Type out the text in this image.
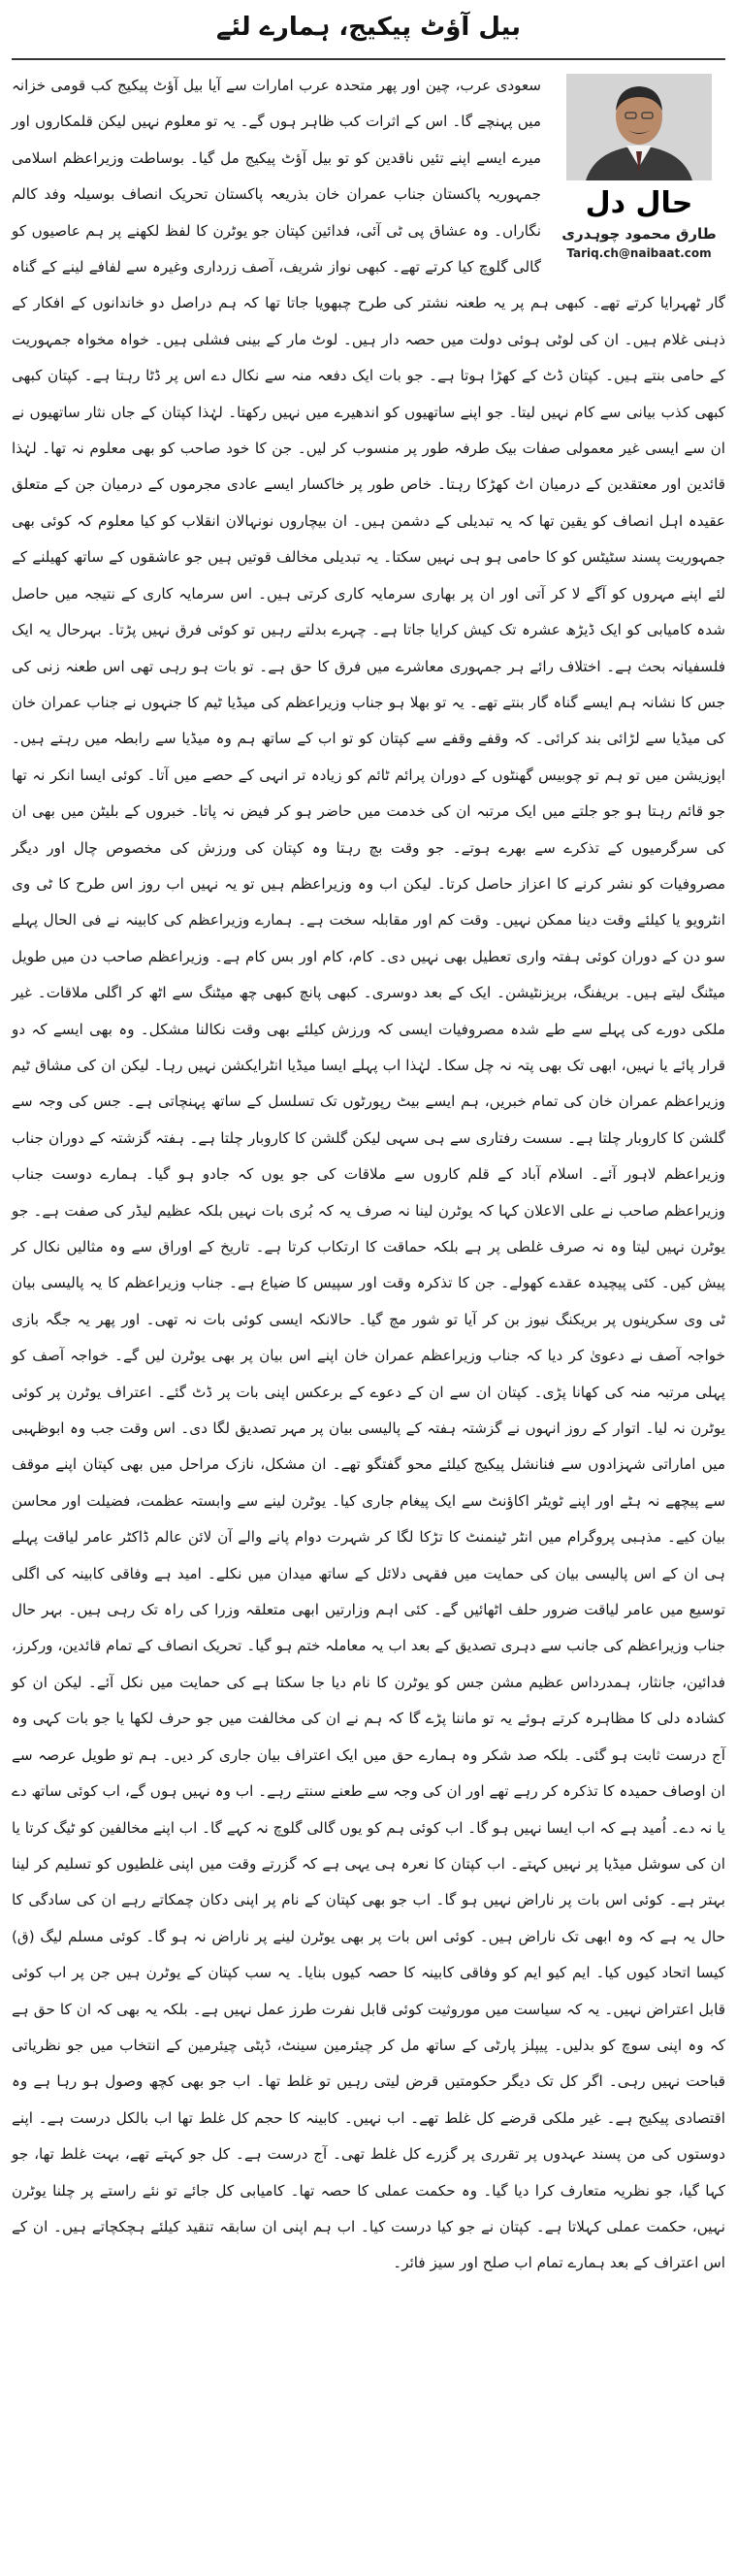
بیل آؤٹ پیکیج، ہمارے لئے
حال دل
طارق محمود چوہدری
Tariq.ch@naibaat.com

سعودی عرب، چین اور پھر متحدہ عرب امارات سے آیا بیل آؤٹ پیکیج کب قومی خزانہ میں پہنچے گا۔ اس کے اثرات کب ظاہر ہوں گے۔ یہ تو معلوم نہیں لیکن قلمکاروں اور میرے ایسے اپنے تئیں ناقدین کو تو بیل آؤٹ پیکیج مل گیا۔ بوساطت وزیراعظم اسلامی جمہوریہ پاکستان جناب عمران خان بذریعہ پاکستان تحریک انصاف بوسیلہ وفد کالم نگاراں۔ وہ عشاق پی ٹی آئی، فدائین کپتان جو یوٹرن کا لفظ لکھنے پر ہم عاصیوں کو گالی گلوچ کیا کرتے تھے۔ کبھی نواز شریف، آصف زرداری وغیرہ سے لفافے لینے کے گناہ گار ٹھہرایا کرتے تھے۔ کبھی ہم پر یہ طعنہ نشتر کی طرح چبھویا جاتا تھا کہ ہم دراصل دو خاندانوں کے افکار کے ذہنی غلام ہیں۔ ان کی لوٹی ہوئی دولت میں حصہ دار ہیں۔ لوٹ مار کے بینی فشلی ہیں۔ خواہ مخواہ جمہوریت کے حامی بنتے ہیں۔ کپتان ڈٹ کے کھڑا ہوتا ہے۔ جو بات ایک دفعہ منہ سے نکال دے اس پر ڈٹا رہتا ہے۔ کپتان کبھی کبھی کذب بیانی سے کام نہیں لیتا۔ جو اپنے ساتھیوں کو اندھیرے میں نہیں رکھتا۔ لہٰذا کپتان کے جاں نثار ساتھیوں نے ان سے ایسی غیر معمولی صفات بیک طرفہ طور پر منسوب کر لیں۔ جن کا خود صاحب کو بھی معلوم نہ تھا۔ لہٰذا قائدین اور معتقدین کے درمیان اٹ کھڑکا رہتا۔ خاص طور پر خاکسار ایسے عادی مجرموں کے درمیان جن کے متعلق عقیدہ اہل انصاف کو یقین تھا کہ یہ تبدیلی کے دشمن ہیں۔ ان بیچاروں نونہالان انقلاب کو کیا معلوم کہ کوئی بھی جمہوریت پسند سٹیٹس کو کا حامی ہو ہی نہیں سکتا۔ یہ تبدیلی مخالف قوتیں ہیں جو عاشقوں کے ساتھ کھیلنے کے لئے اپنے مہروں کو آگے لا کر آتی اور ان پر بھاری سرمایہ کاری کرتی ہیں۔ اس سرمایہ کاری کے نتیجہ میں حاصل شدہ کامیابی کو ایک ڈیڑھ عشرہ تک کیش کرایا جاتا ہے۔ چہرے بدلتے رہیں تو کوئی فرق نہیں پڑتا۔ بہرحال یہ ایک فلسفیانہ بحث ہے۔ اختلاف رائے ہر جمہوری معاشرے میں فرق کا حق ہے۔ تو بات ہو رہی تھی اس طعنہ زنی کی جس کا نشانہ ہم ایسے گناہ گار بنتے تھے۔ یہ تو بھلا ہو جناب وزیراعظم کی میڈیا ٹیم کا جنہوں نے جناب عمران خان کی میڈیا سے لڑائی بند کرائی۔ کہ وقفے وقفے سے کپتان کو تو اب کے ساتھ ہم وہ میڈیا سے رابطہ میں رہتے ہیں۔ اپوزیشن میں تو ہم تو چوبیس گھنٹوں کے دوران پرائم ٹائم کو زیادہ تر انہی کے حصے میں آتا۔ کوئی ایسا انکر نہ تھا جو قائم رہتا ہو جو جلتے میں ایک مرتبہ ان کی خدمت میں حاضر ہو کر فیض نہ پاتا۔ خبروں کے بلیٹن میں بھی ان کی سرگرمیوں کے تذکرے سے بھرے ہوتے۔ جو وقت بچ رہتا وہ کپتان کی ورزش کی مخصوص چال اور دیگر مصروفیات کو نشر کرنے کا اعزاز حاصل کرتا۔ لیکن اب وہ وزیراعظم ہیں تو یہ نہیں اب روز اس طرح کا ٹی وی انٹرویو یا کیلئے وقت دینا ممکن نہیں۔ وقت کم اور مقابلہ سخت ہے۔ ہمارے وزیراعظم کی کابینہ نے فی الحال پہلے سو دن کے دوران کوئی ہفتہ واری تعطیل بھی نہیں دی۔ کام، کام اور بس کام ہے۔ وزیراعظم صاحب دن میں طویل میٹنگ لیتے ہیں۔ بریفنگ، بریزنٹیشن۔ ایک کے بعد دوسری۔ کبھی پانچ کبھی چھ میٹنگ سے اٹھ کر اگلی ملاقات۔ غیر ملکی دورے کی پہلے سے طے شدہ مصروفیات ایسی کہ ورزش کیلئے بھی وقت نکالنا مشکل۔ وہ بھی ایسے کہ دو قرار پائے یا نہیں، ابھی تک بھی پتہ نہ چل سکا۔ لہٰذا اب پہلے ایسا میڈیا انٹرایکشن نہیں رہا۔ لیکن ان کی مشاق ٹیم وزیراعظم عمران خان کی تمام خبریں، ہم ایسے بیٹ رپورٹوں تک تسلسل کے ساتھ پہنچاتی ہے۔ جس کی وجہ سے گلشن کا کاروبار چلتا ہے۔ سست رفتاری سے ہی سہی لیکن گلشن کا کاروبار چلتا ہے۔ ہفتہ گزشتہ کے دوران جناب وزیراعظم لاہور آئے۔ اسلام آباد کے قلم کاروں سے ملاقات کی جو یوں کہ جادو ہو گیا۔ ہمارے دوست جناب وزیراعظم صاحب نے علی الاعلان کہا کہ یوٹرن لینا نہ صرف یہ کہ بُری بات نہیں بلکہ عظیم لیڈر کی صفت ہے۔ جو یوٹرن نہیں لیتا وہ نہ صرف غلطی پر ہے بلکہ حماقت کا ارتکاب کرتا ہے۔ تاریخ کے اوراق سے وہ مثالیں نکال کر پیش کیں۔ کئی پیچیدہ عقدے کھولے۔ جن کا تذکرہ وقت اور سپیس کا ضیاع ہے۔ جناب وزیراعظم کا یہ پالیسی بیان ٹی وی سکرینوں پر بریکنگ نیوز بن کر آیا تو شور مچ گیا۔ حالانکہ ایسی کوئی بات نہ تھی۔ اور پھر یہ جگہ بازی خواجہ آصف نے دعویٰ کر دیا کہ جناب وزیراعظم عمران خان اپنے اس بیان پر بھی یوٹرن لیں گے۔ خواجہ آصف کو پہلی مرتبہ منہ کی کھانا پڑی۔ کپتان ان سے ان کے دعوے کے برعکس اپنی بات پر ڈٹ گئے۔ اعتراف یوٹرن پر کوئی یوٹرن نہ لیا۔ اتوار کے روز انہوں نے گزشتہ ہفتہ کے پالیسی بیان پر مہر تصدیق لگا دی۔ اس وقت جب وہ ابوظہبی میں اماراتی شہزادوں سے فنانشل پیکیج کیلئے محو گفتگو تھے۔ ان مشکل، نازک مراحل میں بھی کپتان اپنے موقف سے پیچھے نہ ہٹے اور اپنے ٹویٹر اکاؤنٹ سے ایک پیغام جاری کیا۔ یوٹرن لینے سے وابستہ عظمت، فضیلت اور محاسن بیان کیے۔ مذہبی پروگرام میں انٹر ٹینمنٹ کا تڑکا لگا کر شہرت دوام پانے والے آن لائن عالم ڈاکٹر عامر لیاقت پہلے ہی ان کے اس پالیسی بیان کی حمایت میں فقہی دلائل کے ساتھ میدان میں نکلے۔ امید ہے وفاقی کابینہ کی اگلی توسیع میں عامر لیاقت ضرور حلف اٹھائیں گے۔ کئی اہم وزارتیں ابھی متعلقہ وزرا کی راہ تک رہی ہیں۔ بہر حال جناب وزیراعظم کی جانب سے دہری تصدیق کے بعد اب یہ معاملہ ختم ہو گیا۔ تحریک انصاف کے تمام قائدین، ورکرز، فدائین، جانثار، ہمدرداس عظیم مشن جس کو یوٹرن کا نام دیا جا سکتا ہے کی حمایت میں نکل آئے۔ لیکن ان کو کشادہ دلی کا مظاہرہ کرتے ہوئے یہ تو ماننا پڑے گا کہ ہم نے ان کی مخالفت میں جو حرف لکھا یا جو بات کہی وہ آج درست ثابت ہو گئی۔ بلکہ صد شکر وہ ہمارے حق میں ایک اعتراف بیان جاری کر دیں۔ ہم تو طویل عرصہ سے ان اوصاف حمیدہ کا تذکرہ کر رہے تھے اور ان کی وجہ سے طعنے سنتے رہے۔ اب وہ نہیں ہوں گے، اب کوئی ساتھ دے یا نہ دے۔ اُمید ہے کہ اب ایسا نہیں ہو گا۔ اب کوئی ہم کو یوں گالی گلوچ نہ کہے گا۔ اب اپنے مخالفین کو ٹیگ کرتا یا ان کی سوشل میڈیا پر نہیں کہتے۔ اب کپتان کا نعرہ ہی یہی ہے کہ گزرتے وقت میں اپنی غلطیوں کو تسلیم کر لینا بہتر ہے۔ کوئی اس بات پر ناراض نہیں ہو گا۔ اب جو بھی کپتان کے نام پر اپنی دکان چمکاتے رہے ان کی سادگی کا حال یہ ہے کہ وہ ابھی تک ناراض ہیں۔ کوئی اس بات پر بھی یوٹرن لینے پر ناراض نہ ہو گا۔ کوئی مسلم لیگ (ق) کیسا اتحاد کیوں کیا۔ ایم کیو ایم کو وفاقی کابینہ کا حصہ کیوں بنایا۔ یہ سب کپتان کے یوٹرن ہیں جن پر اب کوئی قابل اعتراض نہیں۔ یہ کہ سیاست میں موروثیت کوئی قابل نفرت طرز عمل نہیں ہے۔ بلکہ یہ بھی کہ ان کا حق ہے کہ وہ اپنی سوچ کو بدلیں۔ پیپلز پارٹی کے ساتھ مل کر چیئرمین سینٹ، ڈپٹی چیئرمین کے انتخاب میں جو نظریاتی قباحت نہیں رہی۔ اگر کل تک دیگر حکومتیں قرض لیتی رہیں تو غلط تھا۔ اب جو بھی کچھ وصول ہو رہا ہے وہ اقتصادی پیکیج ہے۔ غیر ملکی قرضے کل غلط تھے۔ اب نہیں۔ کابینہ کا حجم کل غلط تھا اب بالکل درست ہے۔ اپنے دوستوں کی من پسند عہدوں پر تقرری پر گزرے کل غلط تھی۔ آج درست ہے۔ کل جو کہتے تھے، بہت غلط تھا، جو کہا گیا، جو نظریہ متعارف کرا دیا گیا۔ وہ حکمت عملی کا حصہ تھا۔ کامیابی کل جائے تو نئے راستے پر چلنا یوٹرن نہیں، حکمت عملی کہلاتا ہے۔ کپتان نے جو کیا درست کیا۔ اب ہم اپنی ان سابقہ تنقید کیلئے ہچکچاتے ہیں۔ ان کے اس اعتراف کے بعد ہمارے تمام اب صلح اور سیز فائر۔
